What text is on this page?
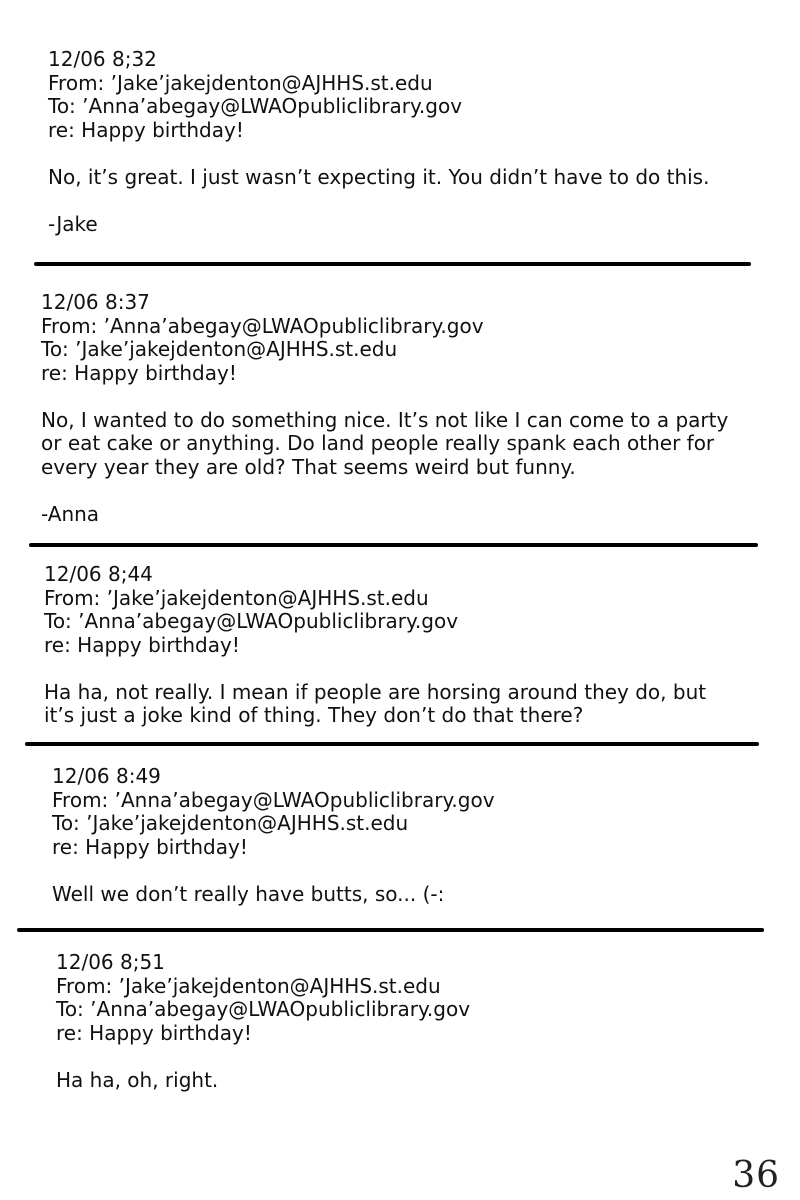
12/06 8;32
From: ’Jake’jakejdenton@AJHHS.st.edu
To: ’Anna’abegay@LWAOpubliclibrary.gov
re: Happy birthday!
No, it’s great. I just wasn’t expecting it. You didn’t have to do this.
-Jake
12/06 8:37
From: ’Anna’abegay@LWAOpubliclibrary.gov
To: ’Jake’jakejdenton@AJHHS.st.edu
re: Happy birthday!
No, I wanted to do something nice. It’s not like I can come to a party
or eat cake or anything. Do land people really spank each other for
every year they are old? That seems weird but funny.
-Anna
12/06 8;44
From: ’Jake’jakejdenton@AJHHS.st.edu
To: ’Anna’abegay@LWAOpubliclibrary.gov
re: Happy birthday!
Ha ha, not really. I mean if people are horsing around they do, but
it’s just a joke kind of thing. They don’t do that there?
12/06 8:49
From: ’Anna’abegay@LWAOpubliclibrary.gov
To: ’Jake’jakejdenton@AJHHS.st.edu
re: Happy birthday!
Well we don’t really have butts, so... (-:
12/06 8;51
From: ’Jake’jakejdenton@AJHHS.st.edu
To: ’Anna’abegay@LWAOpubliclibrary.gov
re: Happy birthday!
Ha ha, oh, right.
36
